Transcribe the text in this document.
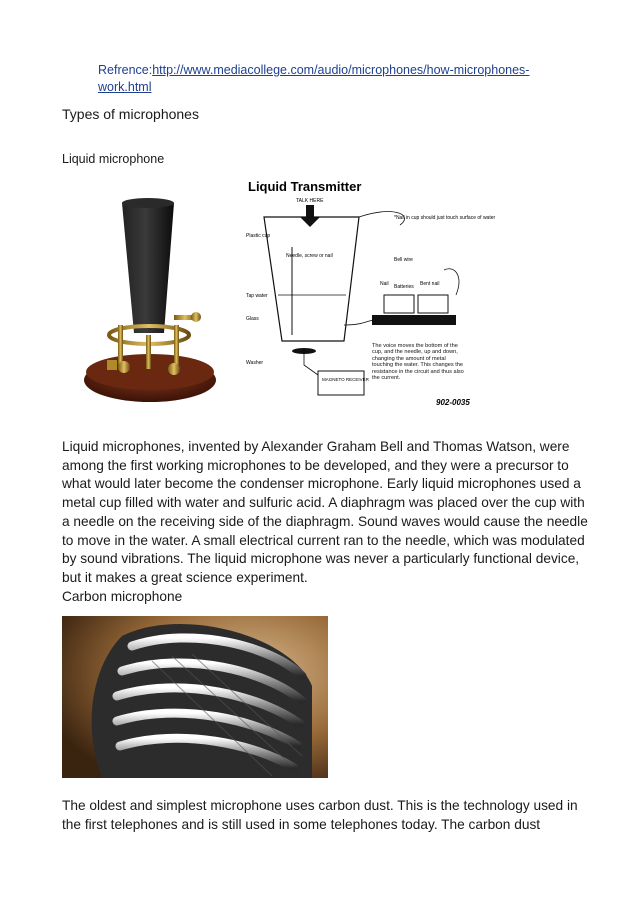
Refrence:http://www.mediacollege.com/audio/microphones/how-microphones-work.html
Types of microphones
Liquid microphone
Liquid Transmitter
TALK HERE
Plastic cup
Needle, screw or nail
Tap water
Glass
Washer
*Nail in cup should just touch surface of water
Bell wire
Nail Batteries Bent nail
MAGNETO RECEIVER
The voice moves the bottom of the cup, and the needle, up and down, changing the amount of metal touching the water. This changes the resistance in the circuit and thus also the current.
902-0035
Liquid microphones, invented by Alexander Graham Bell and Thomas Watson, were among the first working microphones to be developed, and they were a precursor to what would later become the condenser microphone. Early liquid microphones used a metal cup filled with water and sulfuric acid. A diaphragm was placed over the cup with a needle on the receiving side of the diaphragm. Sound waves would cause the needle to move in the water. A small electrical current ran to the needle, which was modulated by sound vibrations. The liquid microphone was never a particularly functional device, but it makes a great science experiment.
Carbon microphone
The oldest and simplest microphone uses carbon dust. This is the technology used in the first telephones and is still used in some telephones today. The carbon dust
